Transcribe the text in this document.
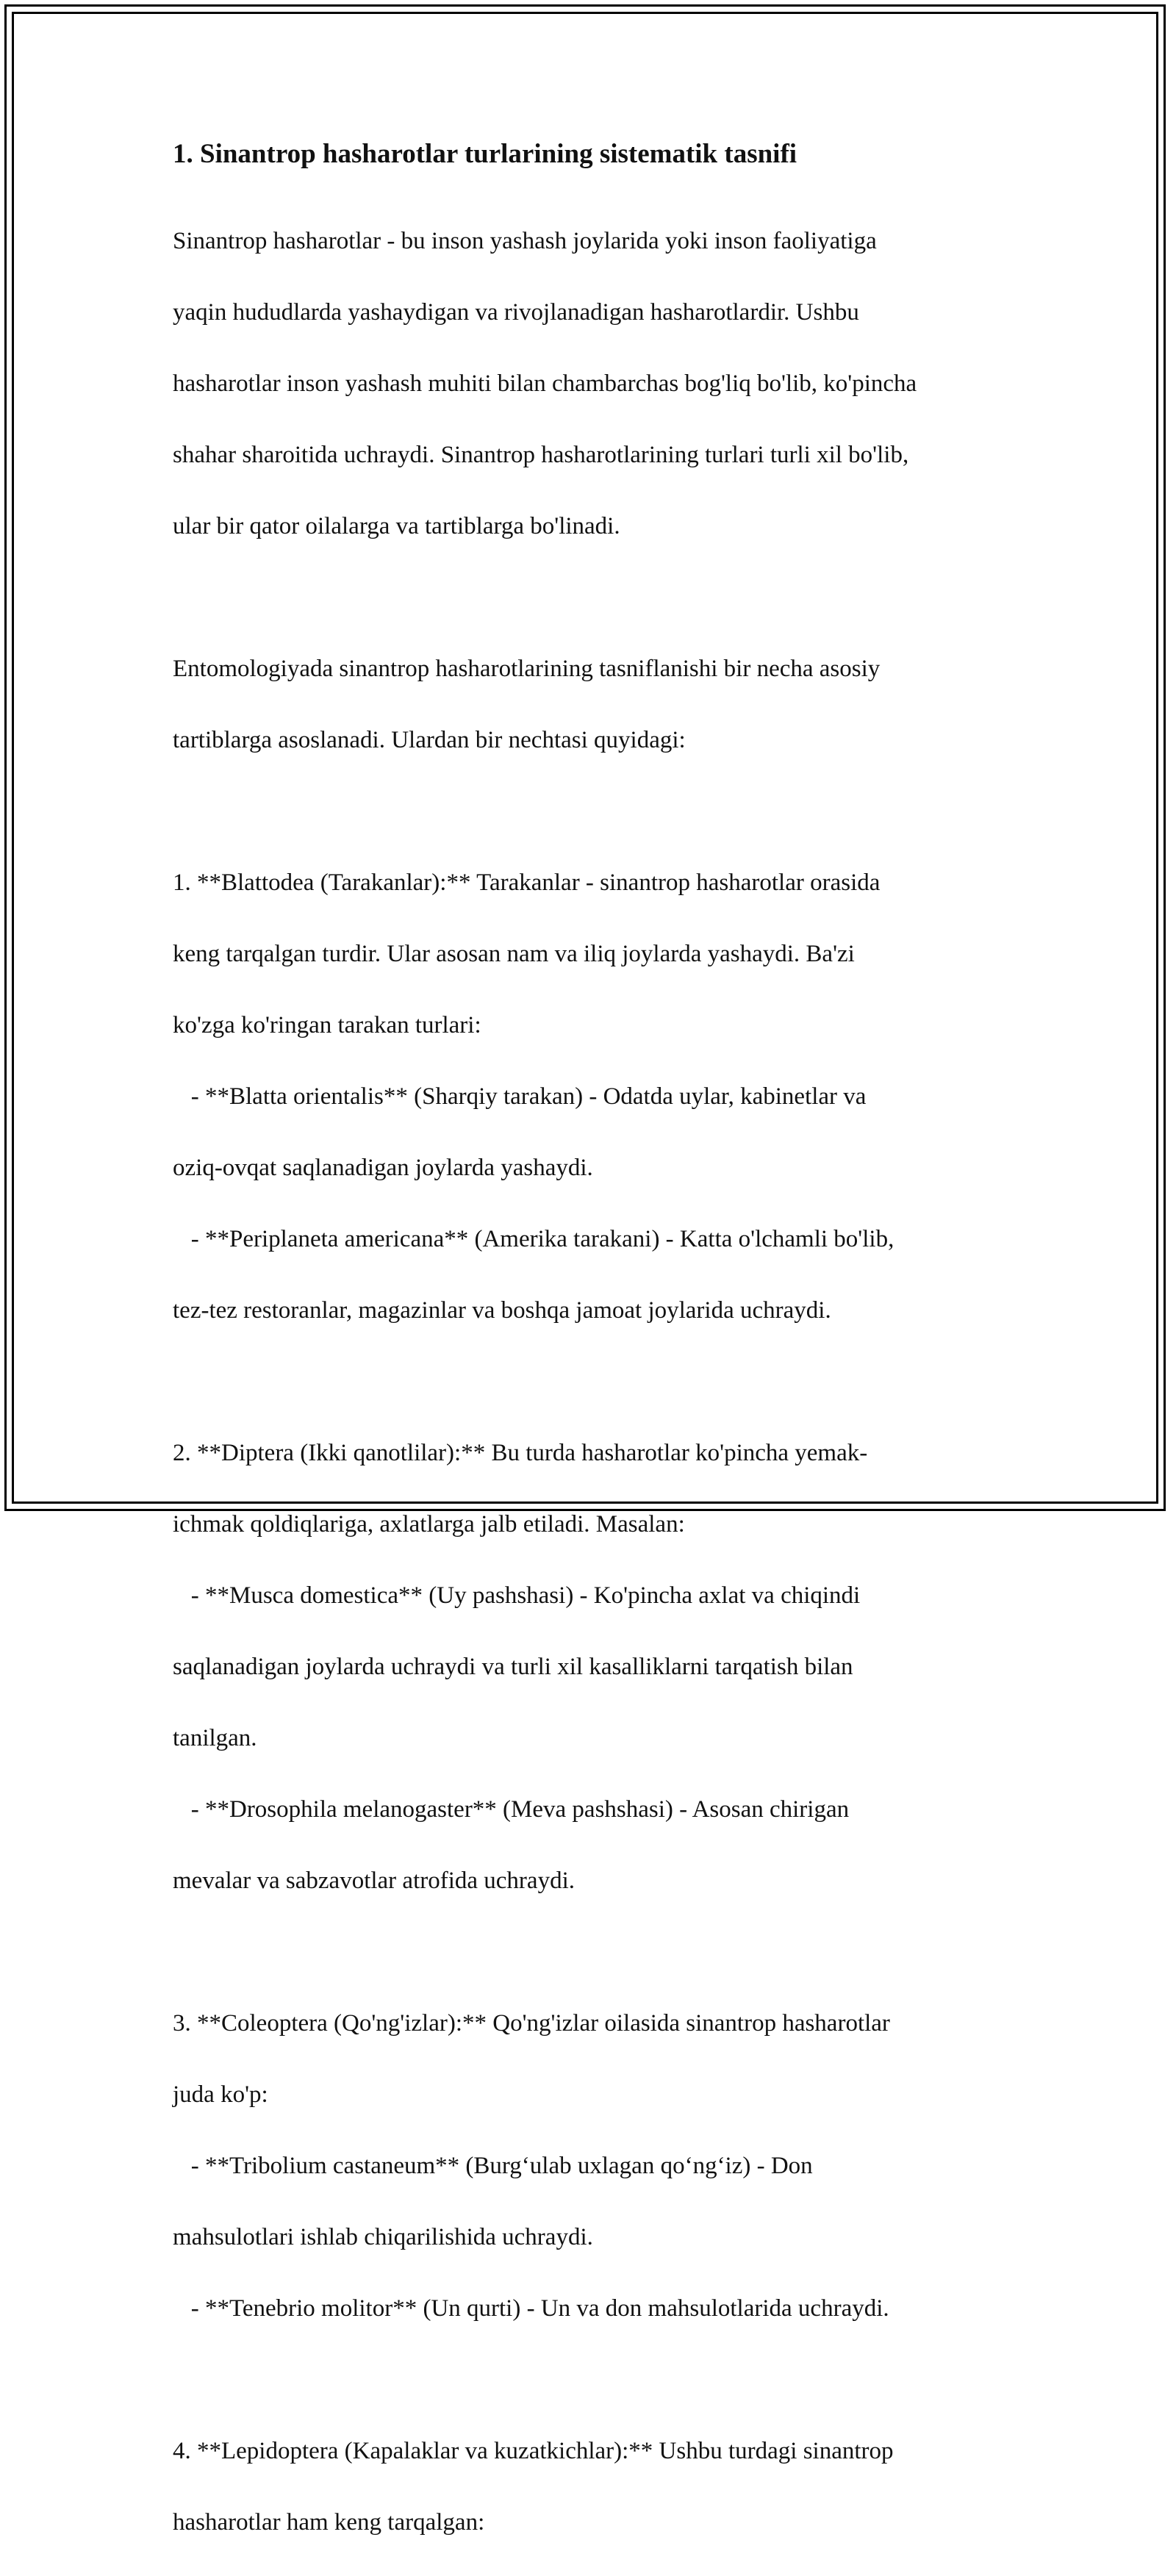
1. Sinantrop hasharotlar turlarining sistematik tasnifi

Sinantrop hasharotlar - bu inson yashash joylarida yoki inson faoliyatiga

yaqin hududlarda yashaydigan va rivojlanadigan hasharotlardir. Ushbu

hasharotlar inson yashash muhiti bilan chambarchas bog'liq bo'lib, ko'pincha

shahar sharoitida uchraydi. Sinantrop hasharotlarining turlari turli xil bo'lib,

ular bir qator oilalarga va tartiblarga bo'linadi.

Entomologiyada sinantrop hasharotlarining tasniflanishi bir necha asosiy

tartiblarga asoslanadi. Ulardan bir nechtasi quyidagi:

1. **Blattodea (Tarakanlar):** Tarakanlar - sinantrop hasharotlar orasida

keng tarqalgan turdir. Ular asosan nam va iliq joylarda yashaydi. Ba'zi

ko'zga ko'ringan tarakan turlari:

- **Blatta orientalis** (Sharqiy tarakan) - Odatda uylar, kabinetlar va

oziq-ovqat saqlanadigan joylarda yashaydi.

- **Periplaneta americana** (Amerika tarakani) - Katta o'lchamli bo'lib,

tez-tez restoranlar, magazinlar va boshqa jamoat joylarida uchraydi.

2. **Diptera (Ikki qanotlilar):** Bu turda hasharotlar ko'pincha yemak-

ichmak qoldiqlariga, axlatlarga jalb etiladi. Masalan:

- **Musca domestica** (Uy pashshasi) - Ko'pincha axlat va chiqindi

saqlanadigan joylarda uchraydi va turli xil kasalliklarni tarqatish bilan

tanilgan.

- **Drosophila melanogaster** (Meva pashshasi) - Asosan chirigan

mevalar va sabzavotlar atrofida uchraydi.

3. **Coleoptera (Qo'ng'izlar):** Qo'ng'izlar oilasida sinantrop hasharotlar

juda ko'p:

- **Tribolium castaneum** (Burg‘ulab uxlagan qo‘ng‘iz) - Don

mahsulotlari ishlab chiqarilishida uchraydi.

- **Tenebrio molitor** (Un qurti) - Un va don mahsulotlarida uchraydi.

4. **Lepidoptera (Kapalaklar va kuzatkichlar):** Ushbu turdagi sinantrop

hasharotlar ham keng tarqalgan:
